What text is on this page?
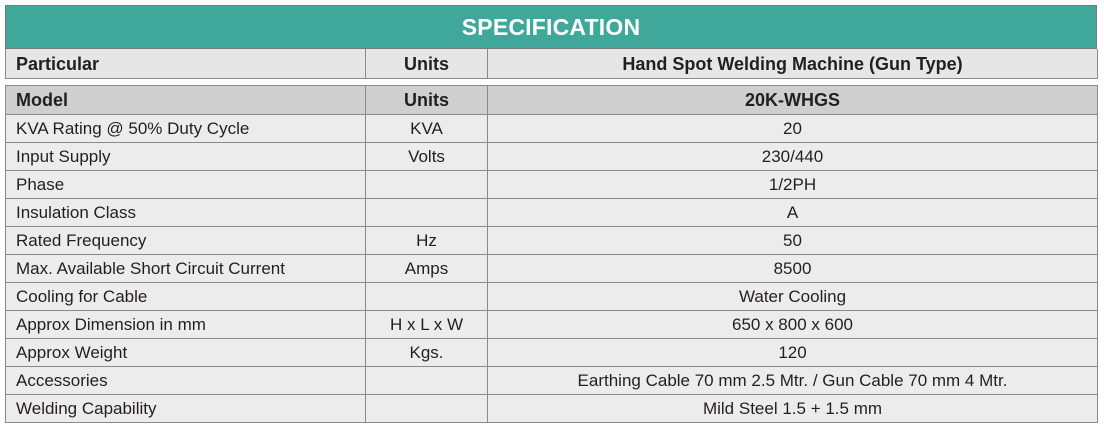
SPECIFICATION
Particular	Units	Hand Spot Welding Machine (Gun Type)
Model	Units	20K-WHGS
KVA Rating @ 50% Duty Cycle	KVA	20
Input Supply	Volts	230/440
Phase		1/2PH
Insulation Class		A
Rated Frequency	Hz	50
Max. Available Short Circuit Current	Amps	8500
Cooling for Cable		Water Cooling
Approx Dimension in mm	H x L x W	650 x 800 x 600
Approx Weight	Kgs.	120
Accessories		Earthing Cable 70 mm 2.5 Mtr. / Gun Cable 70 mm 4 Mtr.
Welding Capability		Mild Steel 1.5 + 1.5 mm
